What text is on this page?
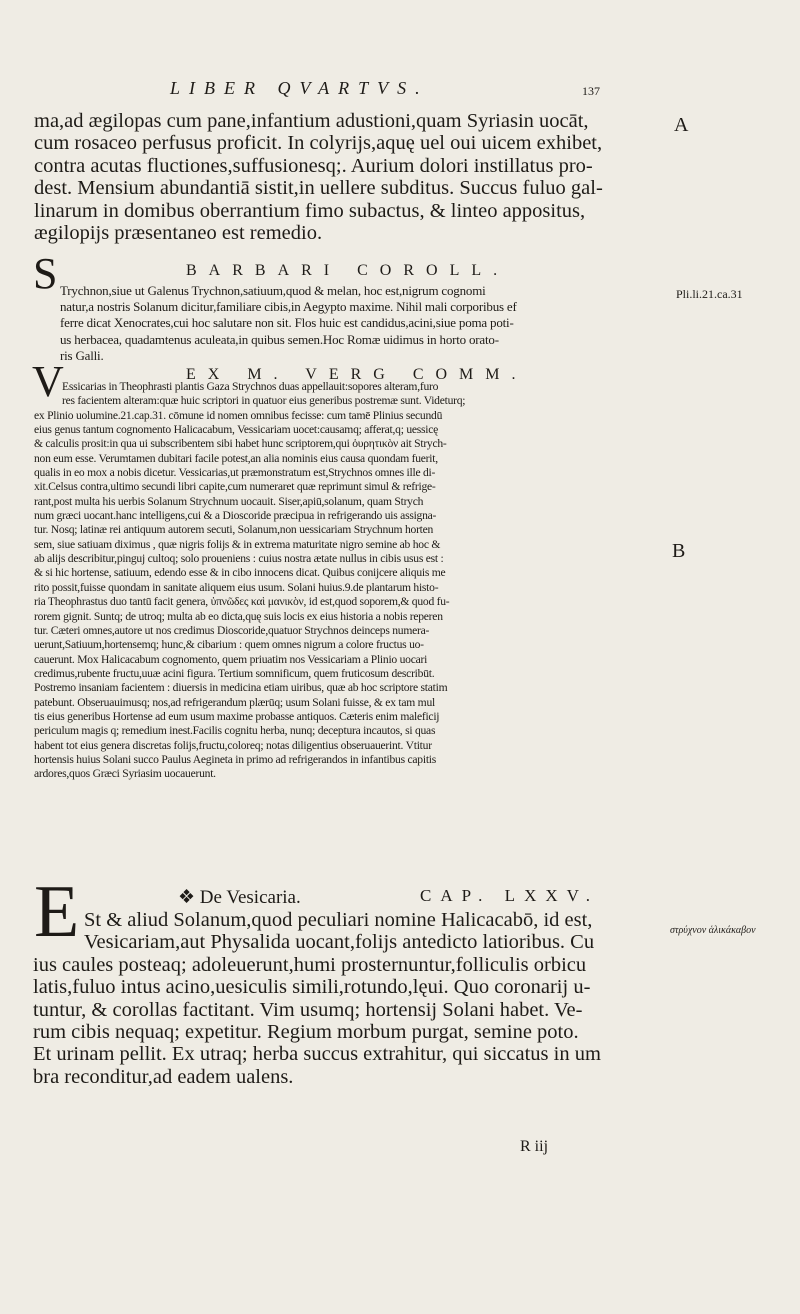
LIBER QVARTVS.	137
ma,ad ægilopas cum pane,infantium adustioni,quam Syriasin uocāt,
cum rosaceo perfusus proficit. In colyrijs,aquę uel oui uicem exhibet,
contra acutas fluctiones,suffusionesq;. Aurium dolori instillatus pro-
dest. Mensium abundantiā sistit,in uellere subditus. Succus fuluo gal-
linarum in domibus oberrantium fimo subactus, & linteo appositus,
ægilopijs præsentaneo est remedio.
BARBARI COROLL.
S Trychnon,siue ut Galenus Trychnon,satiuum,quod & melan, hoc est,nigrum cognomi
natur,a nostris Solanum dicitur,familiare cibis,in Aegypto maxime. Nihil mali corporibus ef
ferre dicat Xenocrates,cui hoc salutare non sit. Flos huic est candidus,acini,siue poma poti-
us herbacea, quadamtenus aculeata,in quibus semen.Hoc Romæ uidimus in horto orato-
ris Galli.
EX M. VERG COMM.
V
Essicarias in Theophrasti plantis Gaza Strychnos duas appellauit:sopores alteram,furo
res facientem alteram:quæ huic scriptori in quatuor eius generibus postremæ sunt. Videturq;
ex Plinio uolumine.21.cap.31. cōmune id nomen omnibus fecisse: cum tamē Plinius secundū
eius genus tantum cognomento Halicacabum, Vessicariam uocet:causamq; afferat,q; uessicę
& calculis prosit:in qua ui subscribentem sibi habet hunc scriptorem,qui ὀυρητικὸν ait Strych-
non eum esse. Verumtamen dubitari facile potest,an alia nominis eius causa quondam fuerit,
qualis in eo mox a nobis dicetur. Vessicarias,ut præmonstratum est,Strychnos omnes ille di-
xit.Celsus contra,ultimo secundi libri capite,cum numeraret quæ reprimunt simul & refrige-
rant,post multa his uerbis Solanum Strychnum uocauit. Siser,apiū,solanum, quam Strych
num græci uocant.hanc intelligens,cui & a Dioscoride præcipua in refrigerando uis assigna-
tur. Nosq; latinæ rei antiquum autorem secuti, Solanum,non uessicariam Strychnum horten
sem, siue satiuam diximus , quæ nigris folijs & in extrema maturitate nigro semine ab hoc &
ab alijs describitur,pinguj cultoq; solo proueniens : cuius nostra ætate nullus in cibis usus est :
& si hic hortense, satiuum, edendo esse & in cibo innocens dicat. Quibus conijcere aliquis me
rito possit,fuisse quondam in sanitate aliquem eius usum. Solani huius.9.de plantarum histo-
ria Theophrastus duo tantū facit genera, ὑπνῶδες καὶ μανικὸν, id est,quod soporem,& quod fu-
rorem gignit. Suntq; de utroq; multa ab eo dicta,quę suis locis ex eius historia a nobis reperen
tur. Cæteri omnes,autore ut nos credimus Dioscoride,quatuor Strychnos deinceps numera-
uerunt,Satiuum,hortensemq; hunc,& cibarium : quem omnes nigrum a colore fructus uo-
cauerunt. Mox Halicacabum cognomento, quem priuatim nos Vessicariam a Plinio uocari
credimus,rubente fructu,uuæ acini figura. Tertium somnificum, quem fruticosum describūt.
Postremo insaniam facientem : diuersis in medicina etiam uiribus, quæ ab hoc scriptore statim
patebunt. Obseruauimusq; nos,ad refrigerandum plærūq; usum Solani fuisse, & ex tam mul
tis eius generibus Hortense ad eum usum maxime probasse antiquos. Cæteris enim maleficij
periculum magis q; remedium inest.Facilis cognitu herba, nunq; deceptura incautos, si quas
habent tot eius genera discretas folijs,fructu,coloreq; notas diligentius obseruauerint. Vtitur
hortensis huius Solani succo Paulus Aegineta in primo ad refrigerandos in infantibus capitis
ardores,quos Græci Syriasim uocauerunt.
E	❖ De Vesicaria.	CAP. LXXV.
St & aliud Solanum,quod peculiari nomine Halicacabō, id est,
Vesicariam,aut Physalida uocant,folijs antedicto latioribus. Cu
ius caules posteaq; adoleuerunt,humi prosternuntur,folliculis orbicu
latis,fuluo intus acino,uesiculis simili,rotundo,lęui. Quo coronarij u-
tuntur, & corollas factitant. Vim usumq; hortensij Solani habet. Ve-
rum cibis nequaq; expetitur. Regium morbum purgat, semine poto.
Et urinam pellit. Ex utraq; herba succus extrahitur, qui siccatus in um
bra reconditur,ad eadem ualens.
A
B
Pli.li.21.ca.31
στρύχνον ἁλικάκαβον
R iij
